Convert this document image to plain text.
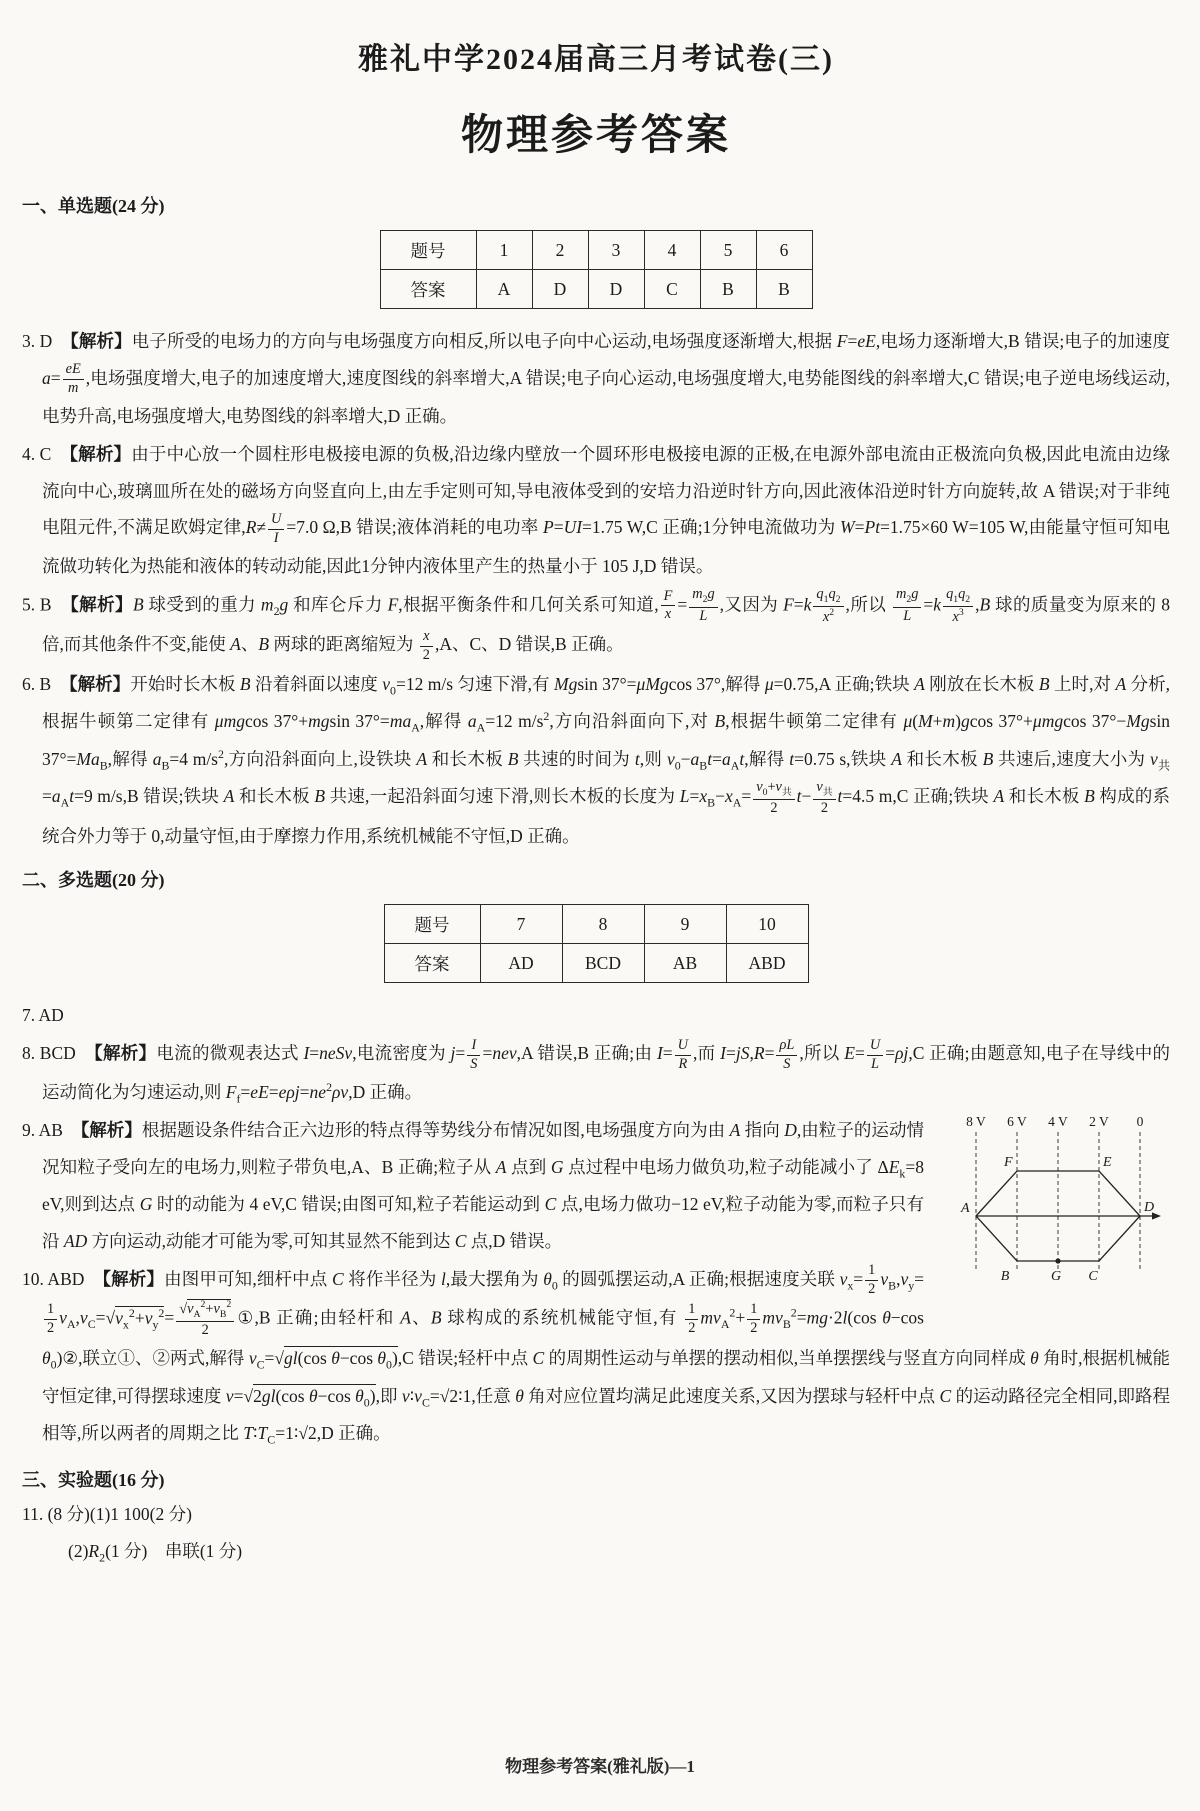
雅礼中学2024届高三月考试卷(三)
物理参考答案
一、单选题(24 分)
题号	1	2	3	4	5	6
答案	A	D	D	C	B	B
3. D　【解析】电子所受的电场力的方向与电场强度方向相反,所以电子向中心运动,电场强度逐渐增大,根据 F=eE,电场力逐渐增大,B 错误;电子的加速度 $a= \frac{eE}{m}$ ,电场强度增大,电子的加速度增大,速度图线的斜率增大,A 错误;电子向心运动,电场强度增大,电势能图线的斜率增大,C 错误;电子逆电场线运动,电势升高,电场强度增大,电势图线的斜率增大,D 正确。
4. C　【解析】由于中心放一个圆柱形电极接电源的负极,沿边缘内壁放一个圆环形电极接电源的正极,在电源外部电流由正极流向负极,因此电流由边缘流向中心,玻璃皿所在处的磁场方向竖直向上,由左手定则可知,导电液体受到的安培力沿逆时针方向,因此液体沿逆时针方向旋转,故 A 错误;对于非纯电阻元件,不满足欧姆定律$,R\ne \frac{U}{I} =7.0$ Ω,B 错误;液体消耗的电功率 P=UI=1.75 W,C 正确;1分钟电流做功为 W=Pt=1.75×60 W=105 W,由能量守恒可知电流做功转化为热能和液体的转动动能,因此1分钟内液体里产生的热量小于 105 J,D 错误。
5. B　【解析】B 球受到的重力 $m_2g$ 和库仑斥力 F,根据平衡条件和几何关系可知道, $\frac{F}{x} = \frac{m_2g}{L}$ ,又因为 $F=k \frac{q_1q_2}{x^2}$ ,所以 $\frac{m_2g}{L} =k \frac{q_1q_2}{x^3} ,B$ 球的质量变为原来的 8 倍,而其他条件不变,能使 A、B 两球的距离缩短为 $\frac{x}{2} ,A$、C、D 错误,B 正确。
6. B　【解析】开始时长木板 B 沿着斜面以速度 $v_0=12$ m/s 匀速下滑,有 Mgsin 37°=μMgcos 37°,解得 μ=0.75,A 正确;铁块 A 刚放在长木板 B 上时,对 A 分析,根据牛顿第二定律有 μmgcos 37°+mgsin $37^\circ=ma_A$,解得 $a_A=12$ $m/s^2$,方向沿斜面向下,对 B,根据牛顿第二定律有 μ(M+m)gcos 37°+μmgcos 37°−Mgsin $37^\circ=Ma_B$,解得 $a_B=4$ $m/s^2$,方向沿斜面向上,设铁块 A 和长木板 B 共速的时间为 t,则 $v_0-a_Bt=a_At$,解得 t=0.75 s,铁块 A 和长木板 B 共速后,速度大小为 $v_共=a_At=9$ m/s,B 错误;铁块 A 和长木板 B 共速,一起沿斜面匀速下滑,则长木板的长度为 $L=x_B-x_A= \frac{v_0+v_共}{2} t- \frac{v_共}{2} t=4.5$ m,C 正确;铁块 A 和长木板 B 构成的系统合外力等于 0,动量守恒,由于摩擦力作用,系统机械能不守恒,D 正确。
二、多选题(20 分)
题号	7	8	9	10
答案	AD	BCD	AB	ABD
7. AD
8. BCD　【解析】电流的微观表达式 I=neSv,电流密度为 $j= \frac{I}{S} =nev,A$ 错误,B 正确;由 $I= \frac{U}{R}$ ,而 $I=jS,R= \frac{\rho L}{S}$ ,所以 $E= \frac{U}{L} =\rho j,C$ 正确;由题意知,电子在导线中的运动简化为匀速运动,则 $F_f=eE=e\rho j=ne^2\rho v,D$ 正确。
8 V 6 V 4 V 2 V 0
F	E
A	D
B	G C
9. AB　【解析】根据题设条件结合正六边形的特点得等势线分布情况如图,电场强度方向为由 A 指向 D,由粒子的运动情况知粒子受向左的电场力,则粒子带负电,A、B 正确;粒子从 A 点到 G 点过程中电场力做负功,粒子动能减小了 $\Delta E_k=8$ eV,则到达点 G 时的动能为 4 eV,C 错误;由图可知,粒子若能运动到 C 点,电场力做功−12 eV,粒子动能为零,而粒子只有沿 AD 方向运动,动能才可能为零,可知其显然不能到达 C 点,D 错误。
10. ABD　【解析】由图甲可知,细杆中点 C 将作半径为 l,最大摆角为 $\theta_0$ 的圆弧摆运动,A 正确;根据速度关联 $v_x= \frac{1}{2} v_B,v_y=$
$\frac{1}{2} v_A,v_C=√v_x^2+v_y^2= \frac{√v_A^2+v_B^2}{2}$ ①,B 正确;由轻杆和 A、B 球构成的系统机械能守恒,有 $\frac{1}{2} mv_A^2+ \frac{1}{2} mv_B^2=mg\cdot 2l(\cos$ θ−cos $\theta_0)②$,联立①、②两式,解得 $v_C=√gl(\cos$ θ−cos $\theta_0),C$ 错误;轻杆中点 C 的周期性运动与单摆的摆动相似,当单摆摆线与竖直方向同样成 θ 角时,根据机械能守恒定律,可得摆球速度 v=√2gl(cos θ−cos $\theta_0$),即 $v∶v_C=√2∶1$,任意 θ 角对应位置均满足此速度关系,又因为摆球与轻杆中点 C 的运动路径完全相同,即路程相等,所以两者的周期之比 $T∶T_C=1∶√2,D$ 正确。
三、实验题(16 分)
11. (8 分)(1)1 100(2 分)
$(2)R_2(1$ 分)　串联(1 分)
物理参考答案(雅礼版)—1
